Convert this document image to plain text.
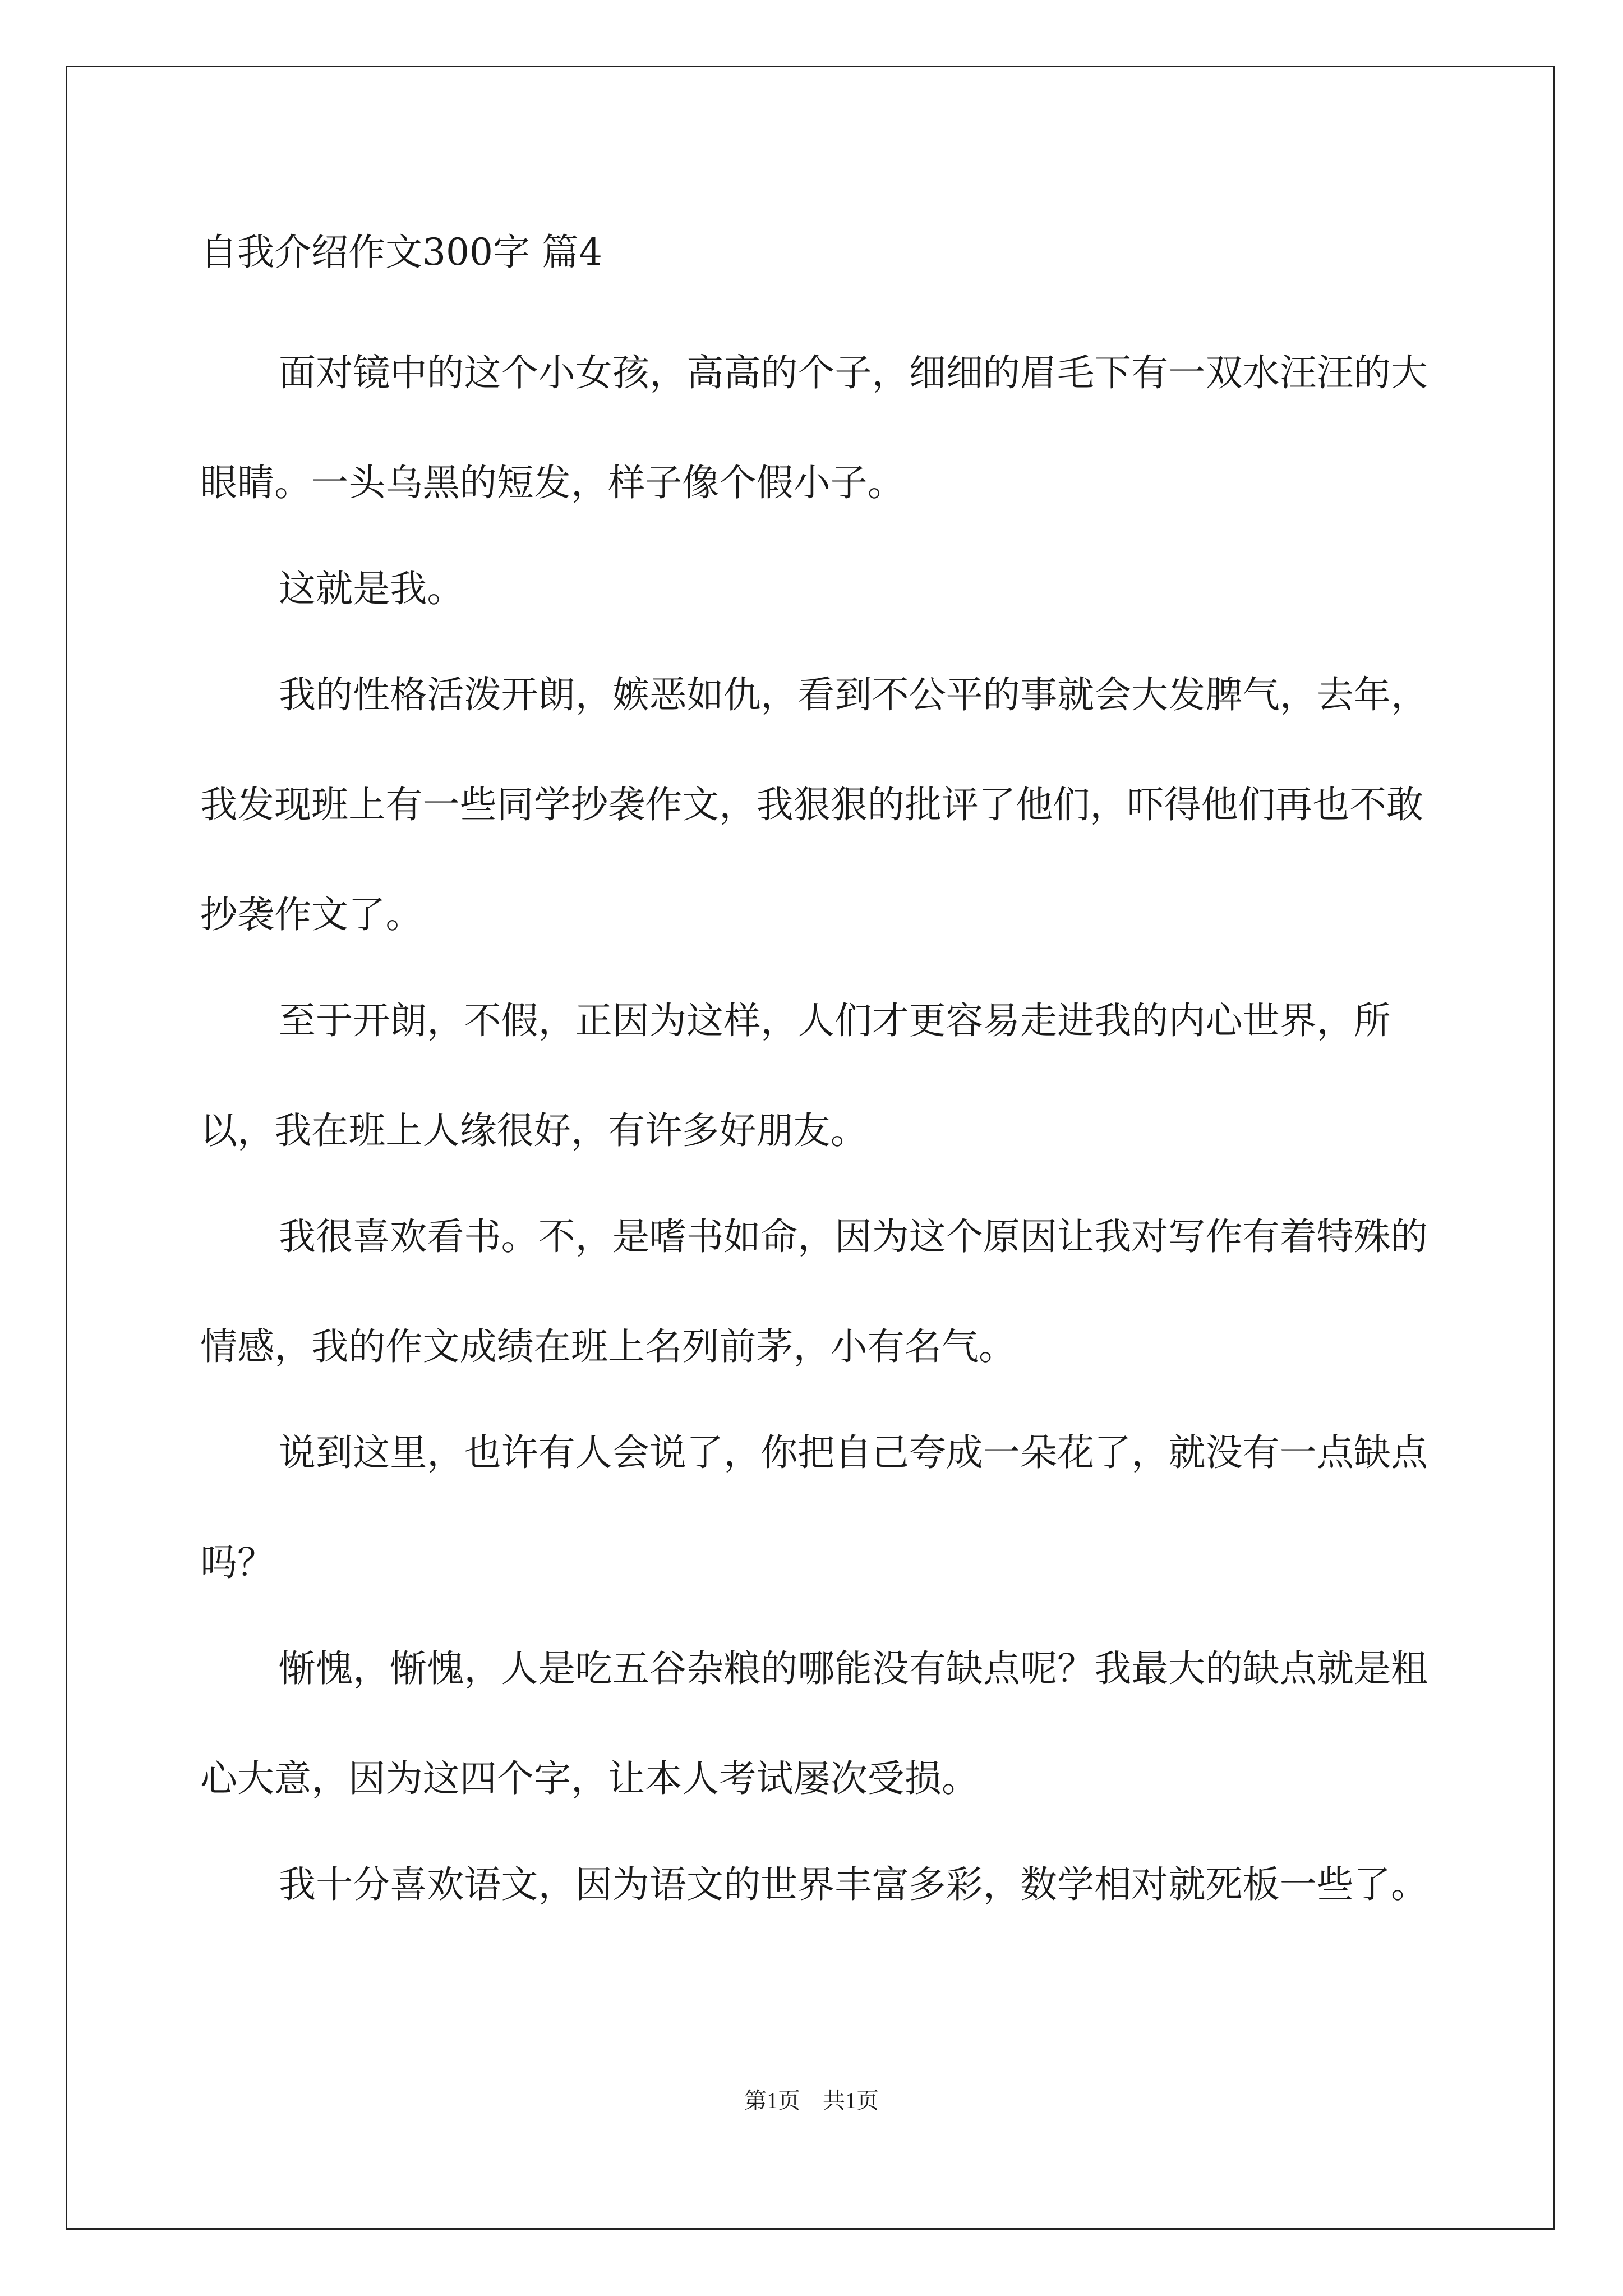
自我介绍作文300字 篇4

面对镜中的这个小女孩，高高的个子，细细的眉毛下有一双水汪汪的大眼睛。一头乌黑的短发，样子像个假小子。

这就是我。

我的性格活泼开朗，嫉恶如仇，看到不公平的事就会大发脾气，去年，我发现班上有一些同学抄袭作文，我狠狠的批评了他们，吓得他们再也不敢抄袭作文了。

至于开朗，不假，正因为这样，人们才更容易走进我的内心世界，所以，我在班上人缘很好，有许多好朋友。

我很喜欢看书。不，是嗜书如命，因为这个原因让我对写作有着特殊的情感，我的作文成绩在班上名列前茅，小有名气。

说到这里，也许有人会说了，你把自己夸成一朵花了，就没有一点缺点吗？

惭愧，惭愧，人是吃五谷杂粮的哪能没有缺点呢？我最大的缺点就是粗心大意，因为这四个字，让本人考试屡次受损。

我十分喜欢语文，因为语文的世界丰富多彩，数学相对就死板一些了。

第1页 共1页
